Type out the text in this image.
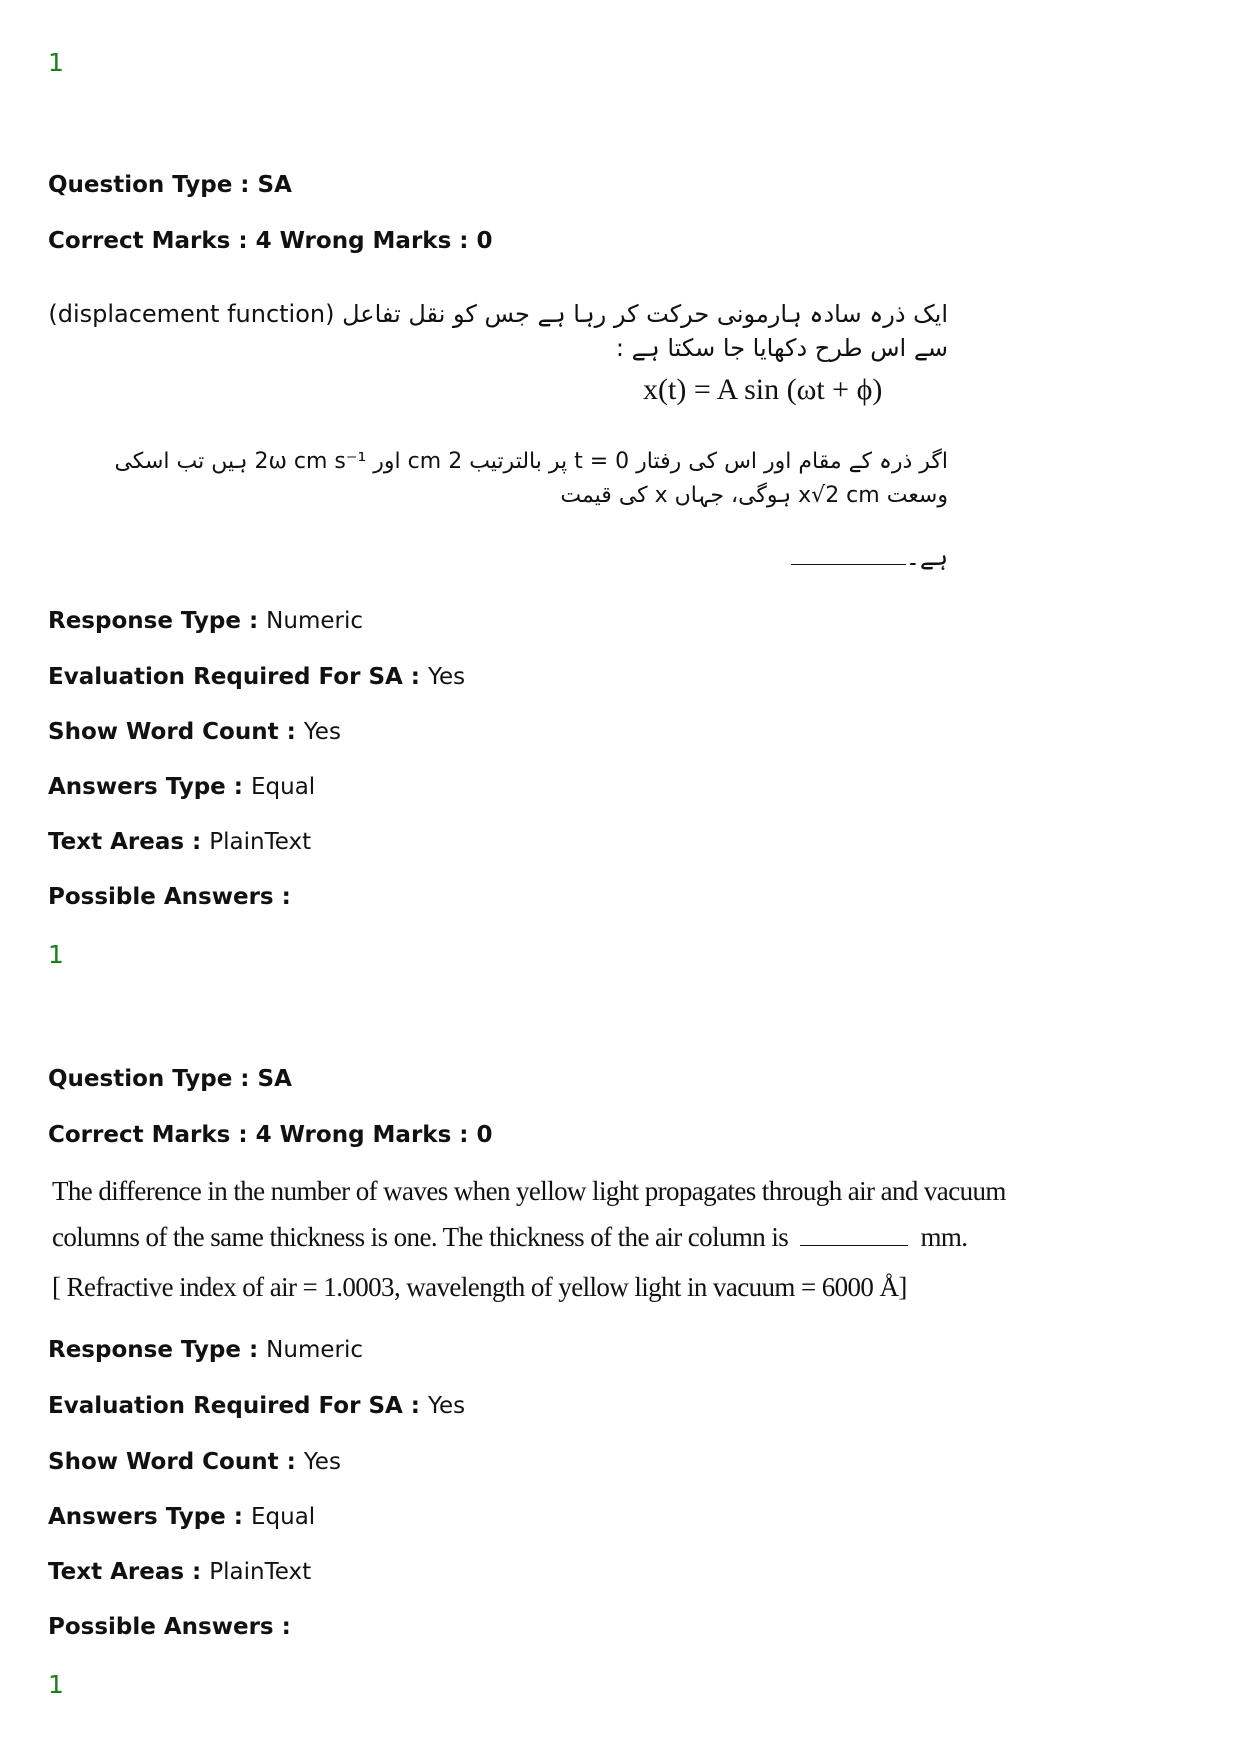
1
Question Type : SA
Correct Marks : 4 Wrong Marks : 0
ایک ذرہ سادہ ہارمونی حرکت کر رہا ہے جس کو نقل تفاعل (displacement function) سے اس طرح دکھایا جا سکتا ہے :
x(t) = A sin (ωt + ϕ)
اگر ذرہ کے مقام اور اس کی رفتار t = 0 پر بالترتیب 2 cm اور 2ω cm s⁻¹ ہیں تب اسکی وسعت x√2 cm ہوگی، جہاں x کی قیمت
ہے۔
Response Type : Numeric
Evaluation Required For SA : Yes
Show Word Count : Yes
Answers Type : Equal
Text Areas : PlainText
Possible Answers :
1
Question Type : SA
Correct Marks : 4 Wrong Marks : 0
The difference in the number of waves when yellow light propagates through air and vacuum
columns of the same thickness is one. The thickness of the air column is	mm.
[ Refractive index of air = 1.0003, wavelength of yellow light in vacuum = 6000 Å]
Response Type : Numeric
Evaluation Required For SA : Yes
Show Word Count : Yes
Answers Type : Equal
Text Areas : PlainText
Possible Answers :
1
